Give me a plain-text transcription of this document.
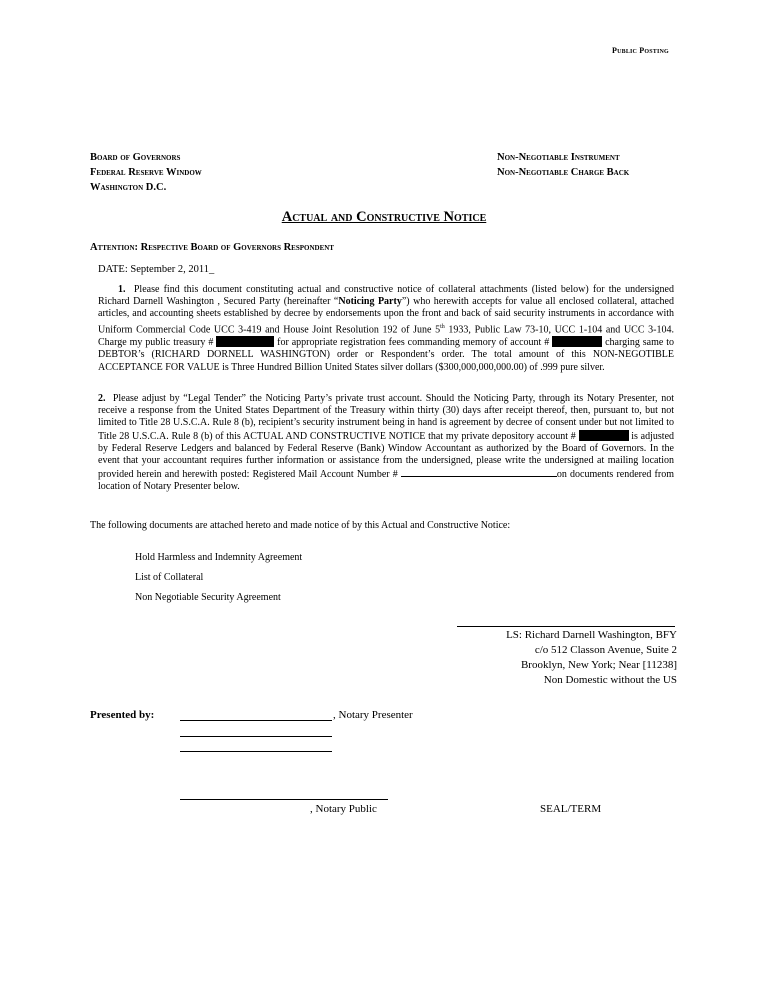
Public Posting
Board of Governors
Federal Reserve Window
Washington D.C.
Non-Negotiable Instrument
Non-Negotiable Charge Back
Actual and Constructive Notice
Attention: Respective Board of Governors Respondent
DATE: September 2, 2011_
1. Please find this document constituting actual and constructive notice of collateral attachments (listed below) for the undersigned Richard Darnell Washington , Secured Party (hereinafter “Noticing Party”) who herewith accepts for value all enclosed collateral, attached articles, and accounting sheets established by decree by endorsements upon the front and back of said security instruments in accordance with Uniform Commercial Code UCC 3-419 and House Joint Resolution 192 of June 5th 1933, Public Law 73-10, UCC 1-104 and UCC 3-104. Charge my public treasury #	for appropriate registration fees commanding memory of account #	charging same to DEBTOR’s (RICHARD DORNELL WASHINGTON) order or Respondent’s order. The total amount of this NON-NEGOTIBLE ACCEPTANCE FOR VALUE is Three Hundred Billion United States silver dollars ($300,000,000,000.00) of .999 pure silver.
2. Please adjust by “Legal Tender” the Noticing Party’s private trust account. Should the Noticing Party, through its Notary Presenter, not receive a response from the United States Department of the Treasury within thirty (30) days after receipt thereof, then, pursuant to, but not limited to Title 28 U.S.C.A. Rule 8 (b), recipient’s security instrument being in hand is agreement by decree of consent under but not limited to Title 28 U.S.C.A. Rule 8 (b) of this ACTUAL AND CONSTRUCTIVE NOTICE that my private depository account #	is adjusted by Federal Reserve Ledgers and balanced by Federal Reserve (Bank) Window Accountant as authorized by the Board of Governors. In the event that your accountant requires further information or assistance from the undersigned, please write the undersigned at mailing location provided herein and herewith posted: Registered Mail Account Number #	on documents rendered from location of Notary Presenter below.
The following documents are attached hereto and made notice of by this Actual and Constructive Notice:
Hold Harmless and Indemnity Agreement
List of Collateral
Non Negotiable Security Agreement
LS: Richard Darnell Washington, BFY
c/o 512 Classon Avenue, Suite 2
Brooklyn, New York; Near [11238]
Non Domestic without the US
Presented by:	, Notary Presenter
, Notary Public	SEAL/TERM
